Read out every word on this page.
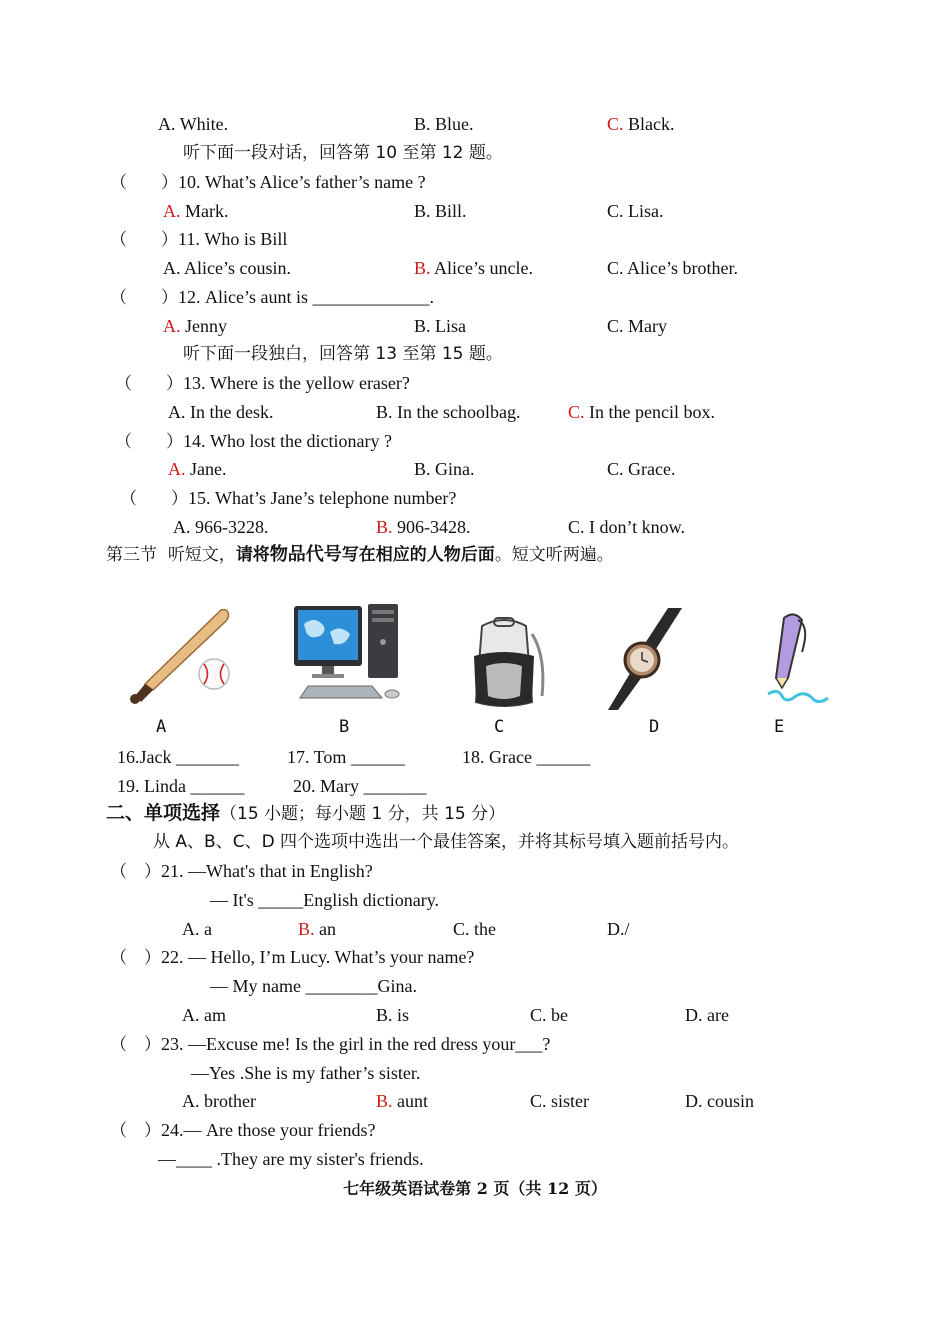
A. White.	B. Blue.	C. Black.
听下面一段对话，回答第 10 至第 12 题。
（　　）10. What’s Alice’s father’s name ?
A. Mark.	B. Bill.	C. Lisa.
（　　）11. Who is Bill
A. Alice’s cousin.	B. Alice’s uncle.	C. Alice’s brother.
（　　）12. Alice’s aunt is _____________.
A. Jenny	B. Lisa	C. Mary
听下面一段独白，回答第 13 至第 15 题。
（　　）13. Where is the yellow eraser?
A. In the desk.	B. In the schoolbag.	C. In the pencil box.
（　　）14. Who lost the dictionary ?
A. Jane.	B. Gina.	C. Grace.
（　　）15. What’s Jane’s telephone number?
A. 966-3228.	B. 906-3428.	C. I don’t know.
第三节 听短文，请将物品代号写在相应的人物后面。短文听两遍。
A	B	C	D	E
16.Jack _______	17. Tom ______	18. Grace ______
19. Linda ______	20. Mary _______
二、单项选择（15 小题；每小题 1 分，共 15 分）
从 A、B、C、D 四个选项中选出一个最佳答案，并将其标号填入题前括号内。
（　）21. —What's that in English?
— It's _____English dictionary.
A. a	B. an	C. the	D./
（　）22. — Hello, I’m Lucy. What’s your name?
— My name ________Gina.
A. am	B. is	C. be	D. are
（　）23. —Excuse me! Is the girl in the red dress your___?
—Yes .She is my father’s sister.
A. brother	B. aunt	C. sister	D. cousin
（　）24.— Are those your friends?
—____ .They are my sister's friends.
七年级英语试卷第 2 页（共 12 页）
